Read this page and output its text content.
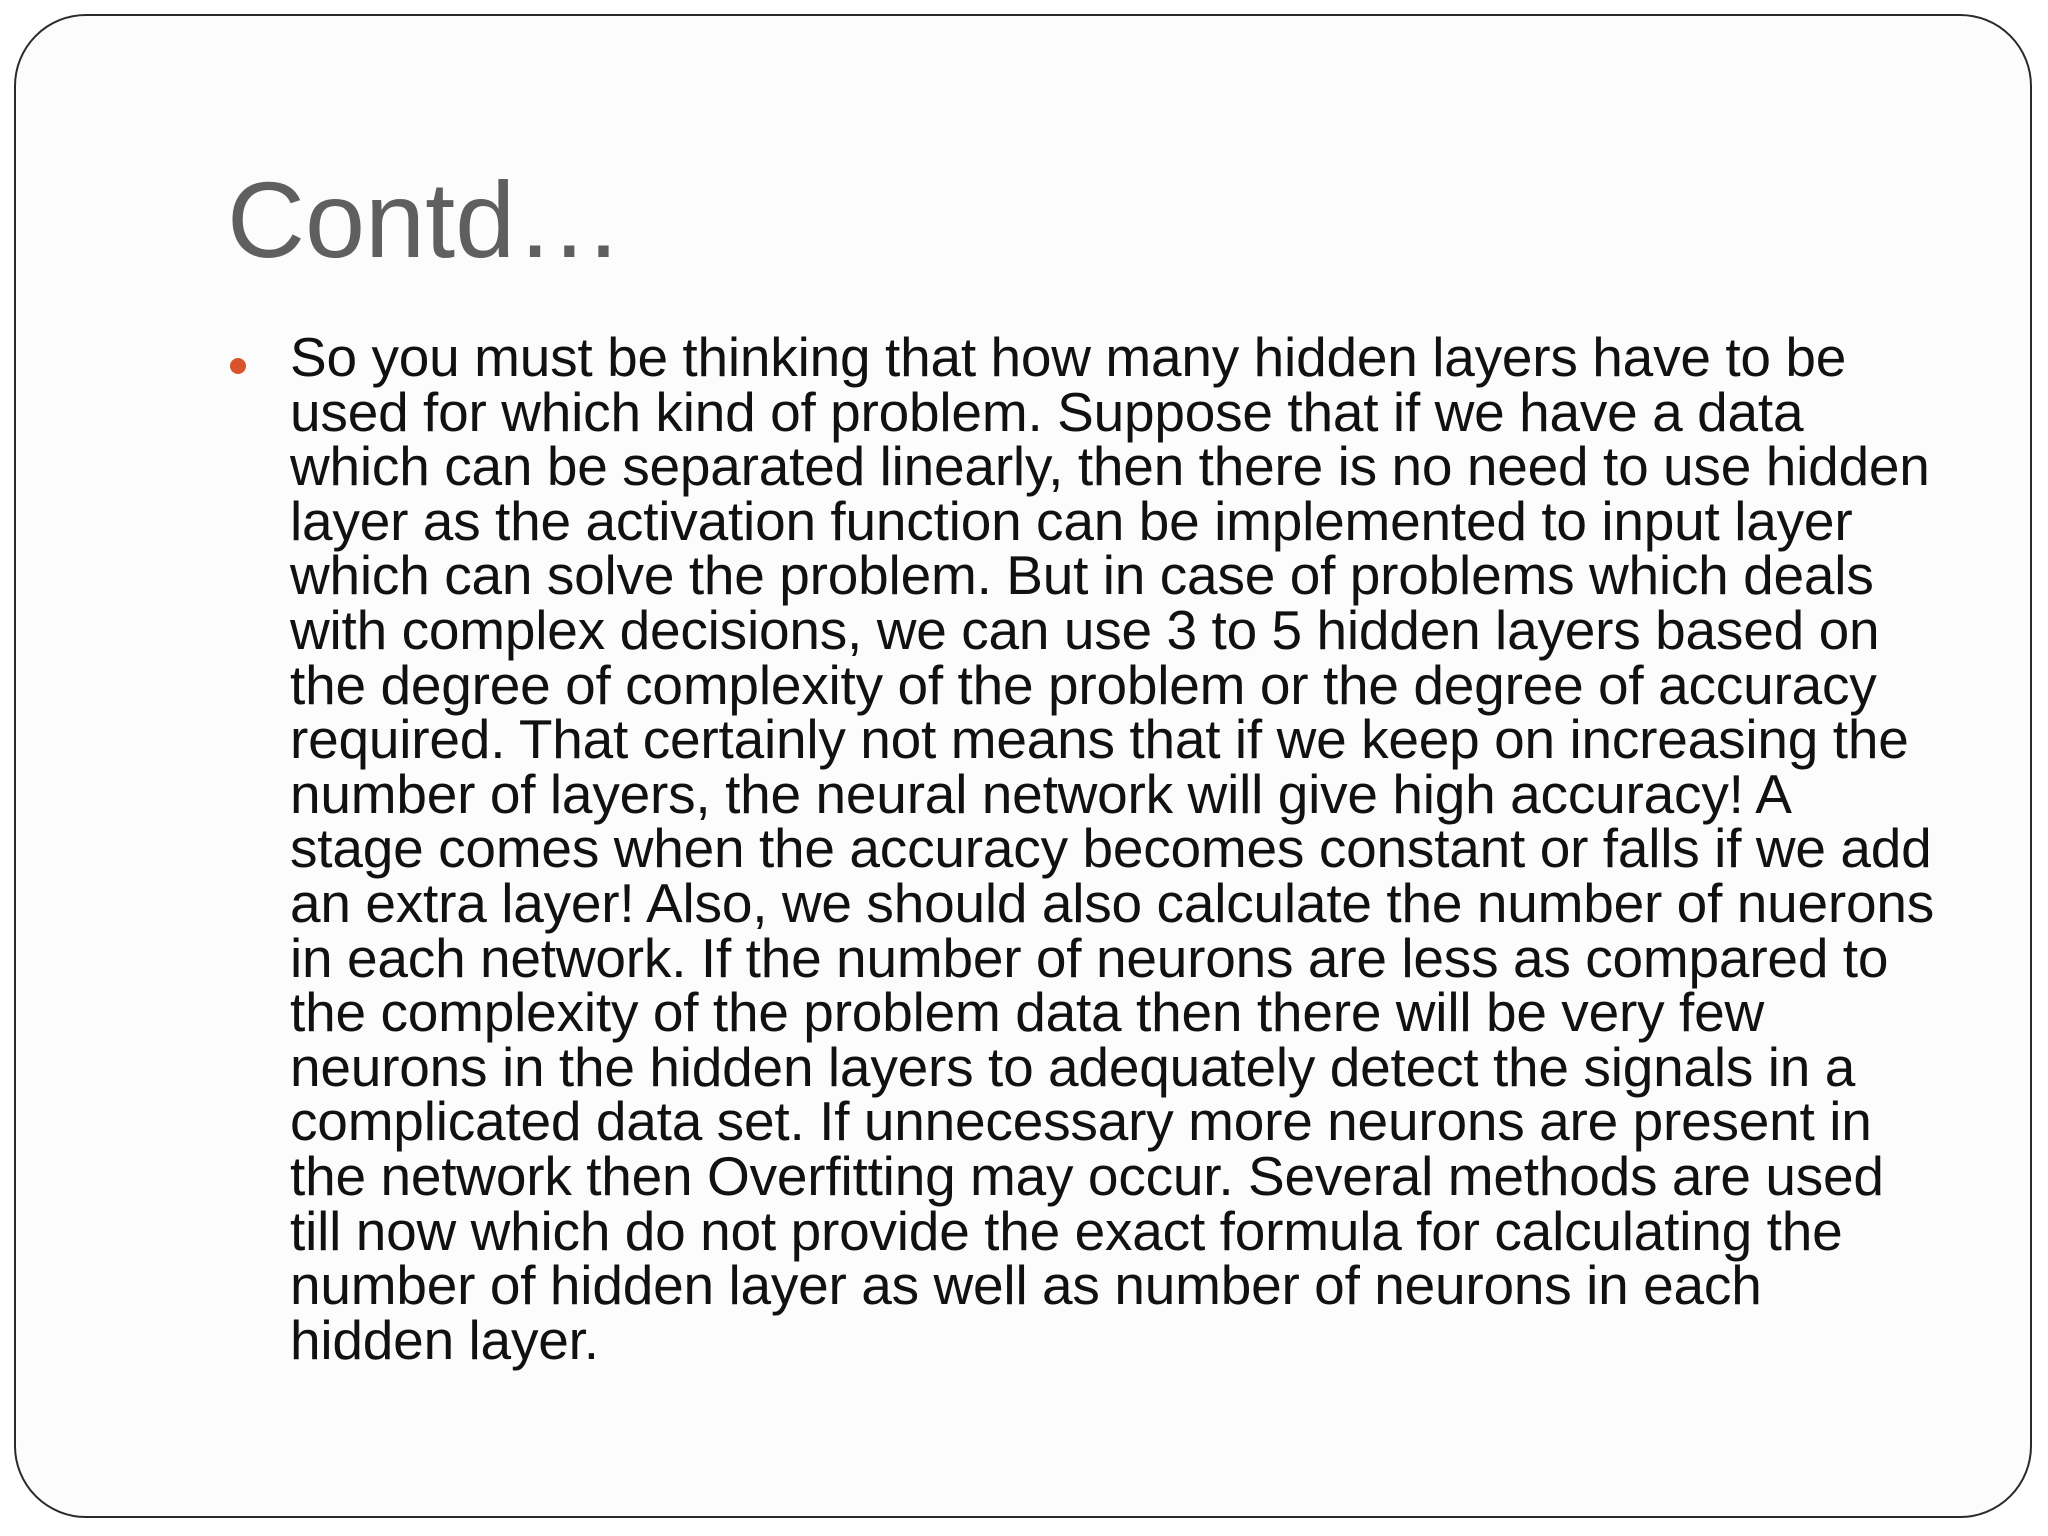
Contd…
So you must be thinking that how many hidden layers have to be used for which kind of problem. Suppose that if we have a data which can be separated linearly, then there is no need to use hidden layer as the activation function can be implemented to input layer which can solve the problem. But in case of problems which deals with complex decisions, we can use 3 to 5 hidden layers based on the degree of complexity of the problem or the degree of accuracy required. That certainly not means that if we keep on increasing the number of layers, the neural network will give high accuracy! A stage comes when the accuracy becomes constant or falls if we add an extra layer! Also, we should also calculate the number of nuerons in each network. If the number of neurons are less as compared to the complexity of the problem data then there will be very few neurons in the hidden layers to adequately detect the signals in a complicated data set. If unnecessary more neurons are present in the network then Overfitting may occur. Several methods are used till now which do not provide the exact formula for calculating the number of hidden layer as well as number of neurons in each hidden layer.
